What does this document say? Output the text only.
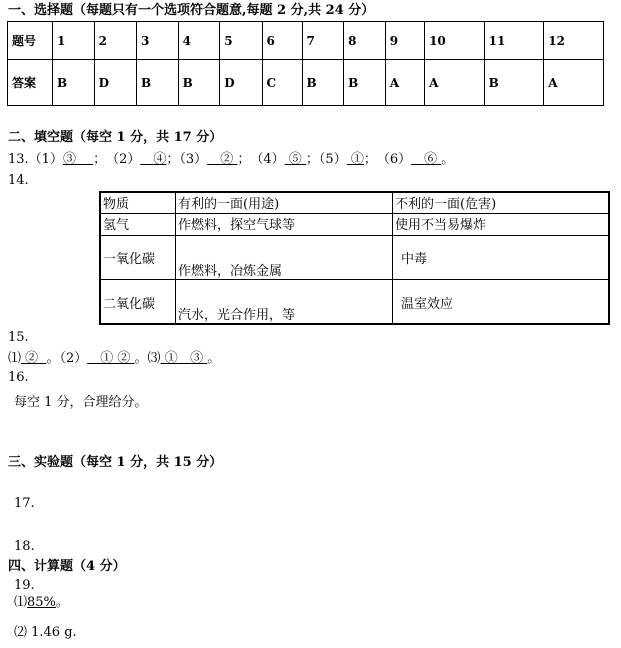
一、选择题（每题只有一个选项符合题意,每题 2 分,共 24 分）
题号	1	2	3	4	5	6	7	8	9	10	11	12
答案	B	D	B	B	D	C	B	B	A	A	B	A
二、填空题（每空 1 分，共 17 分）
13.（1）③  ；　（2）  ④；（3）  ② ；　（4） ⑤ ；（5） ①；　（6）  ⑥ 。
14.
物质	有利的一面(用途)	不利的一面(危害)
氢气	作燃料，探空气球等	使用不当易爆炸
一氧化碳	作燃料，冶炼金属	中毒
二氧化碳	汽水，光合作用，等	温室效应
15.
⑴ ② 。（2）  ① ② 。⑶ ① ③ 。
16.
每空 1 分，合理给分。
三、实验题（每空 1 分，共 15 分）
17.
18.
四、计算题（4 分）
19.
⑴85%。
⑵ 1.46 g.
